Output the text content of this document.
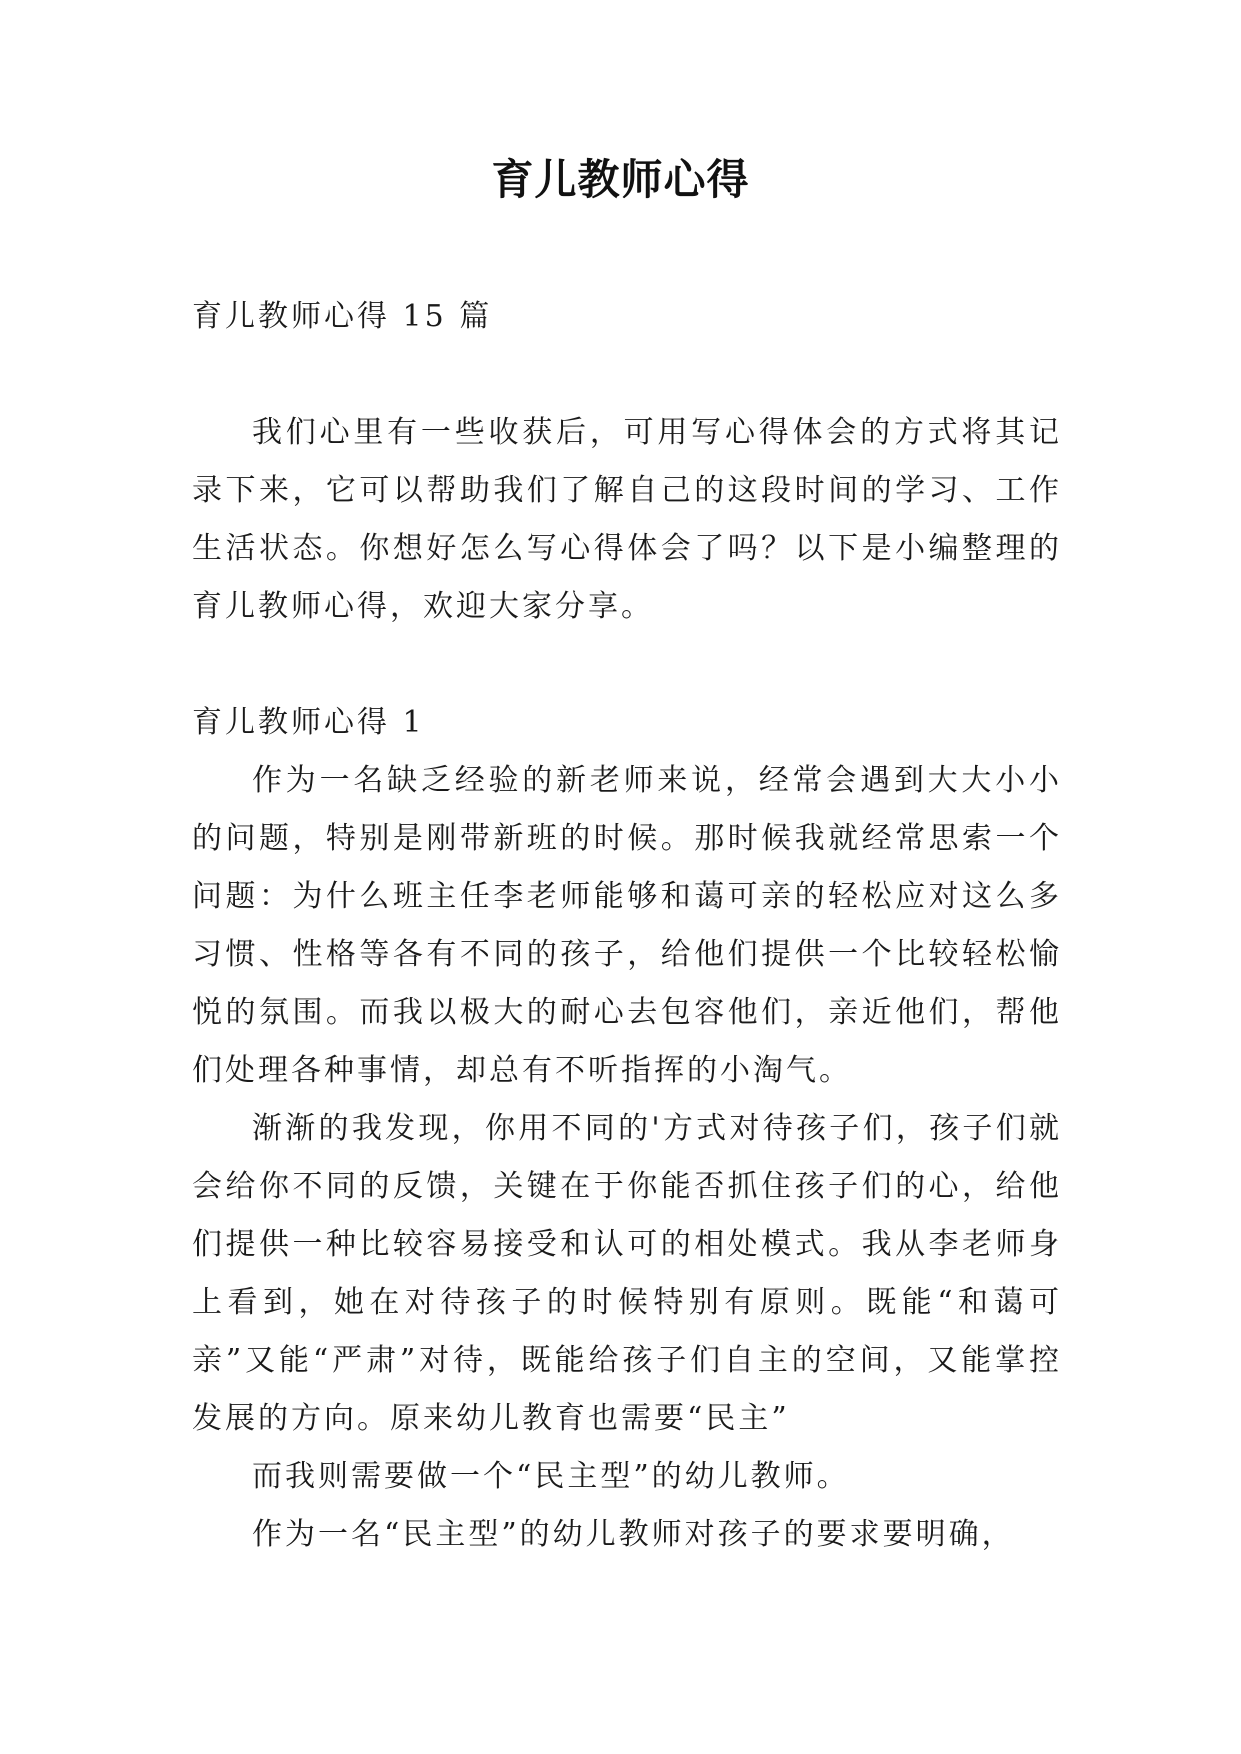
育儿教师心得

育儿教师心得 15 篇

我们心里有一些收获后，可用写心得体会的方式将其记录下来，它可以帮助我们了解自己的这段时间的学习、工作生活状态。你想好怎么写心得体会了吗？以下是小编整理的育儿教师心得，欢迎大家分享。

育儿教师心得 1

作为一名缺乏经验的新老师来说，经常会遇到大大小小的问题，特别是刚带新班的时候。那时候我就经常思索一个问题：为什么班主任李老师能够和蔼可亲的轻松应对这么多习惯、性格等各有不同的孩子，给他们提供一个比较轻松愉悦的氛围。而我以极大的耐心去包容他们，亲近他们，帮他们处理各种事情，却总有不听指挥的小淘气。

渐渐的我发现，你用不同的'方式对待孩子们，孩子们就会给你不同的反馈，关键在于你能否抓住孩子们的心，给他们提供一种比较容易接受和认可的相处模式。我从李老师身上看到，她在对待孩子的时候特别有原则。既能“和蔼可亲”又能“严肃”对待，既能给孩子们自主的空间，又能掌控发展的方向。原来幼儿教育也需要“民主”

而我则需要做一个“民主型”的幼儿教师。

作为一名“民主型”的幼儿教师对孩子的要求要明确，
